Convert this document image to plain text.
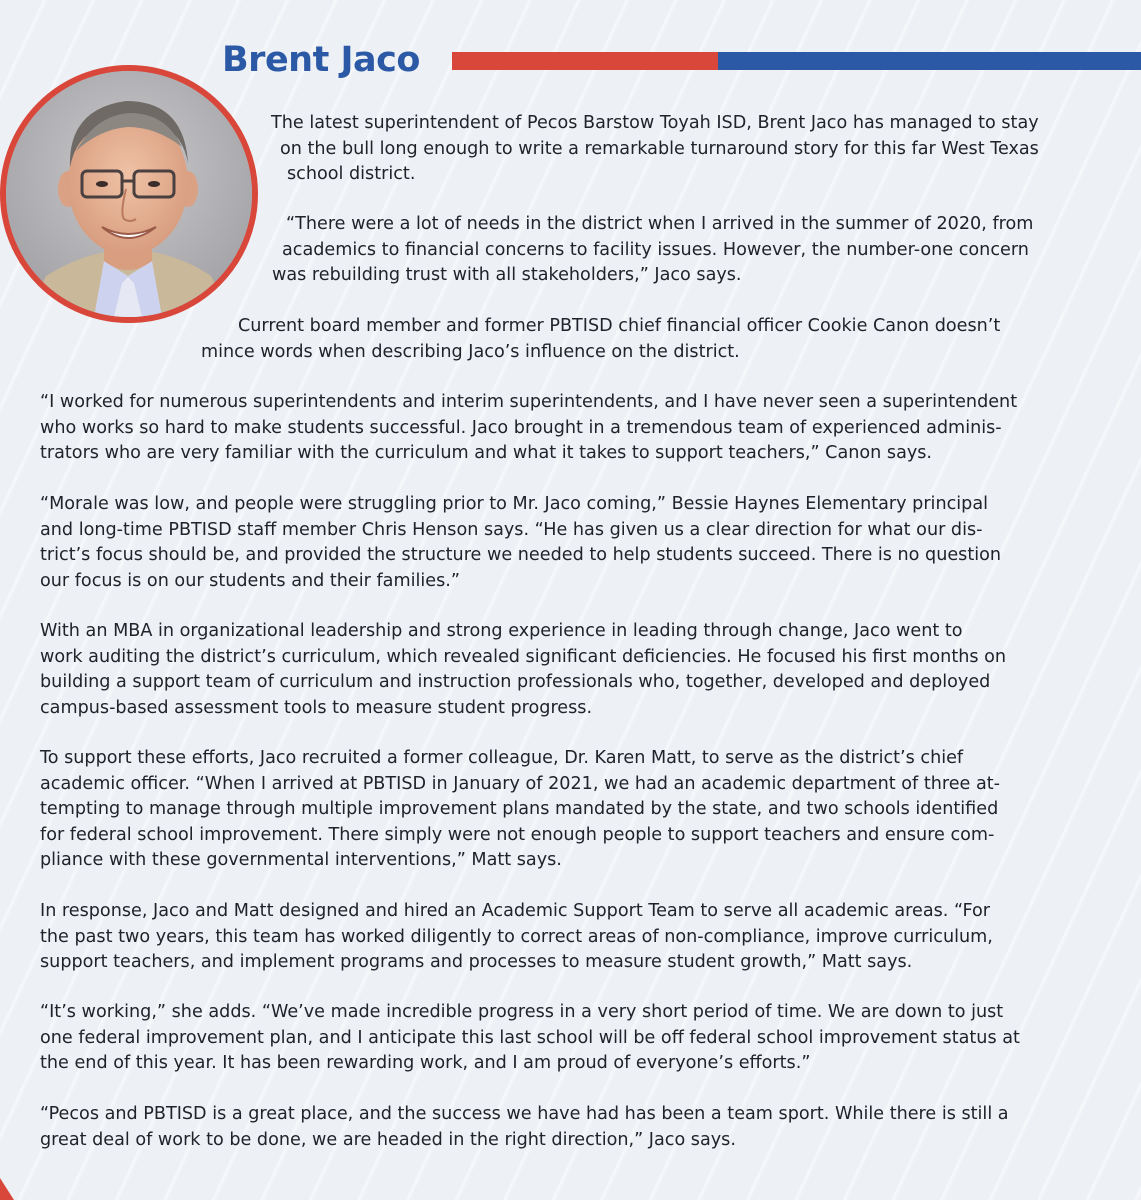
Brent Jaco

The latest superintendent of Pecos Barstow Toyah ISD, Brent Jaco has managed to stay
on the bull long enough to write a remarkable turnaround story for this far West Texas
school district.

“There were a lot of needs in the district when I arrived in the summer of 2020, from
academics to financial concerns to facility issues. However, the number-one concern
was rebuilding trust with all stakeholders,” Jaco says.

Current board member and former PBTISD chief financial officer Cookie Canon doesn’t
mince words when describing Jaco’s influence on the district.

“I worked for numerous superintendents and interim superintendents, and I have never seen a superintendent
who works so hard to make students successful. Jaco brought in a tremendous team of experienced adminis-
trators who are very familiar with the curriculum and what it takes to support teachers,” Canon says.

“Morale was low, and people were struggling prior to Mr. Jaco coming,” Bessie Haynes Elementary principal
and long-time PBTISD staff member Chris Henson says. “He has given us a clear direction for what our dis-
trict’s focus should be, and provided the structure we needed to help students succeed. There is no question
our focus is on our students and their families.”

With an MBA in organizational leadership and strong experience in leading through change, Jaco went to
work auditing the district’s curriculum, which revealed significant deficiencies. He focused his first months on
building a support team of curriculum and instruction professionals who, together, developed and deployed
campus-based assessment tools to measure student progress.

To support these efforts, Jaco recruited a former colleague, Dr. Karen Matt, to serve as the district’s chief
academic officer. “When I arrived at PBTISD in January of 2021, we had an academic department of three at-
tempting to manage through multiple improvement plans mandated by the state, and two schools identified
for federal school improvement. There simply were not enough people to support teachers and ensure com-
pliance with these governmental interventions,” Matt says.

In response, Jaco and Matt designed and hired an Academic Support Team to serve all academic areas. “For
the past two years, this team has worked diligently to correct areas of non-compliance, improve curriculum,
support teachers, and implement programs and processes to measure student growth,” Matt says.

“It’s working,” she adds. “We’ve made incredible progress in a very short period of time. We are down to just
one federal improvement plan, and I anticipate this last school will be off federal school improvement status at
the end of this year. It has been rewarding work, and I am proud of everyone’s efforts.”

“Pecos and PBTISD is a great place, and the success we have had has been a team sport. While there is still a
great deal of work to be done, we are headed in the right direction,” Jaco says.
